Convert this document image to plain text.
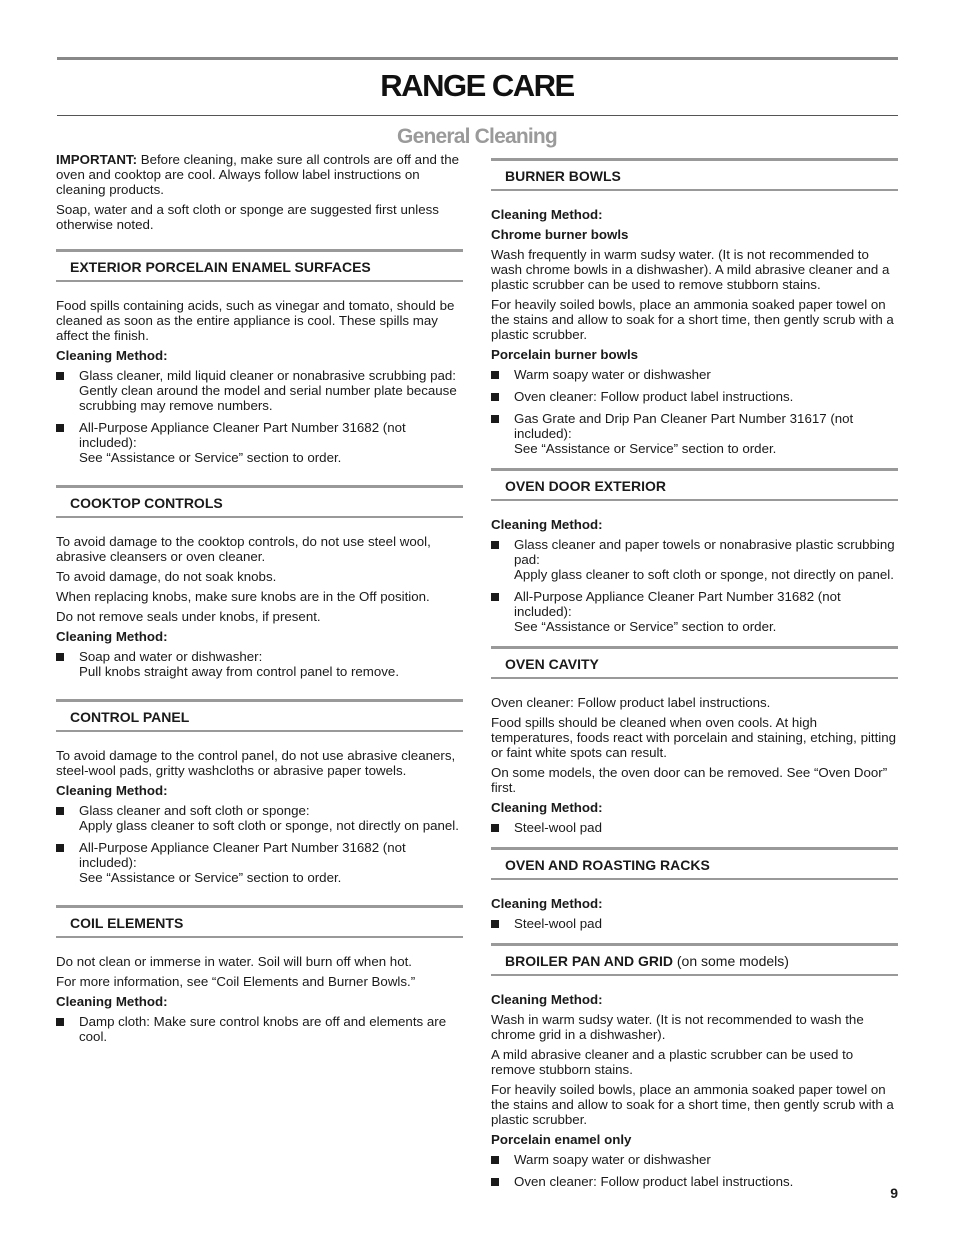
RANGE CARE
General Cleaning

IMPORTANT: Before cleaning, make sure all controls are off and the oven and cooktop are cool. Always follow label instructions on cleaning products.

Soap, water and a soft cloth or sponge are suggested first unless otherwise noted.

EXTERIOR PORCELAIN ENAMEL SURFACES

Food spills containing acids, such as vinegar and tomato, should be cleaned as soon as the entire appliance is cool. These spills may affect the finish.

Cleaning Method:
Glass cleaner, mild liquid cleaner or nonabrasive scrubbing pad:
Gently clean around the model and serial number plate because scrubbing may remove numbers.
All-Purpose Appliance Cleaner Part Number 31682 (not included):
See “Assistance or Service” section to order.
COOKTOP CONTROLS

To avoid damage to the cooktop controls, do not use steel wool, abrasive cleansers or oven cleaner.

To avoid damage, do not soak knobs.

When replacing knobs, make sure knobs are in the Off position.

Do not remove seals under knobs, if present.

Cleaning Method:
Soap and water or dishwasher:
Pull knobs straight away from control panel to remove.
CONTROL PANEL

To avoid damage to the control panel, do not use abrasive cleaners, steel-wool pads, gritty washcloths or abrasive paper towels.

Cleaning Method:
Glass cleaner and soft cloth or sponge:
Apply glass cleaner to soft cloth or sponge, not directly on panel.
All-Purpose Appliance Cleaner Part Number 31682 (not included):
See “Assistance or Service” section to order.
COIL ELEMENTS

Do not clean or immerse in water. Soil will burn off when hot.

For more information, see “Coil Elements and Burner Bowls.”

Cleaning Method:
Damp cloth: Make sure control knobs are off and elements are cool.
BURNER BOWLS
Cleaning Method:
Chrome burner bowls

Wash frequently in warm sudsy water. (It is not recommended to wash chrome bowls in a dishwasher). A mild abrasive cleaner and a plastic scrubber can be used to remove stubborn stains.

For heavily soiled bowls, place an ammonia soaked paper towel on the stains and allow to soak for a short time, then gently scrub with a plastic scrubber.

Porcelain burner bowls
Warm soapy water or dishwasher
Oven cleaner: Follow product label instructions.
Gas Grate and Drip Pan Cleaner Part Number 31617 (not included):
See “Assistance or Service” section to order.
OVEN DOOR EXTERIOR
Cleaning Method:
Glass cleaner and paper towels or nonabrasive plastic scrubbing pad:
Apply glass cleaner to soft cloth or sponge, not directly on panel.
All-Purpose Appliance Cleaner Part Number 31682 (not included):
See “Assistance or Service” section to order.
OVEN CAVITY

Oven cleaner: Follow product label instructions.

Food spills should be cleaned when oven cools. At high temperatures, foods react with porcelain and staining, etching, pitting or faint white spots can result.

On some models, the oven door can be removed. See “Oven Door” first.

Cleaning Method:
Steel-wool pad
OVEN AND ROASTING RACKS
Cleaning Method:
Steel-wool pad
BROILER PAN AND GRID (on some models)
Cleaning Method:

Wash in warm sudsy water. (It is not recommended to wash the chrome grid in a dishwasher).

A mild abrasive cleaner and a plastic scrubber can be used to remove stubborn stains.

For heavily soiled bowls, place an ammonia soaked paper towel on the stains and allow to soak for a short time, then gently scrub with a plastic scrubber.

Porcelain enamel only
Warm soapy water or dishwasher
Oven cleaner: Follow product label instructions.
9
